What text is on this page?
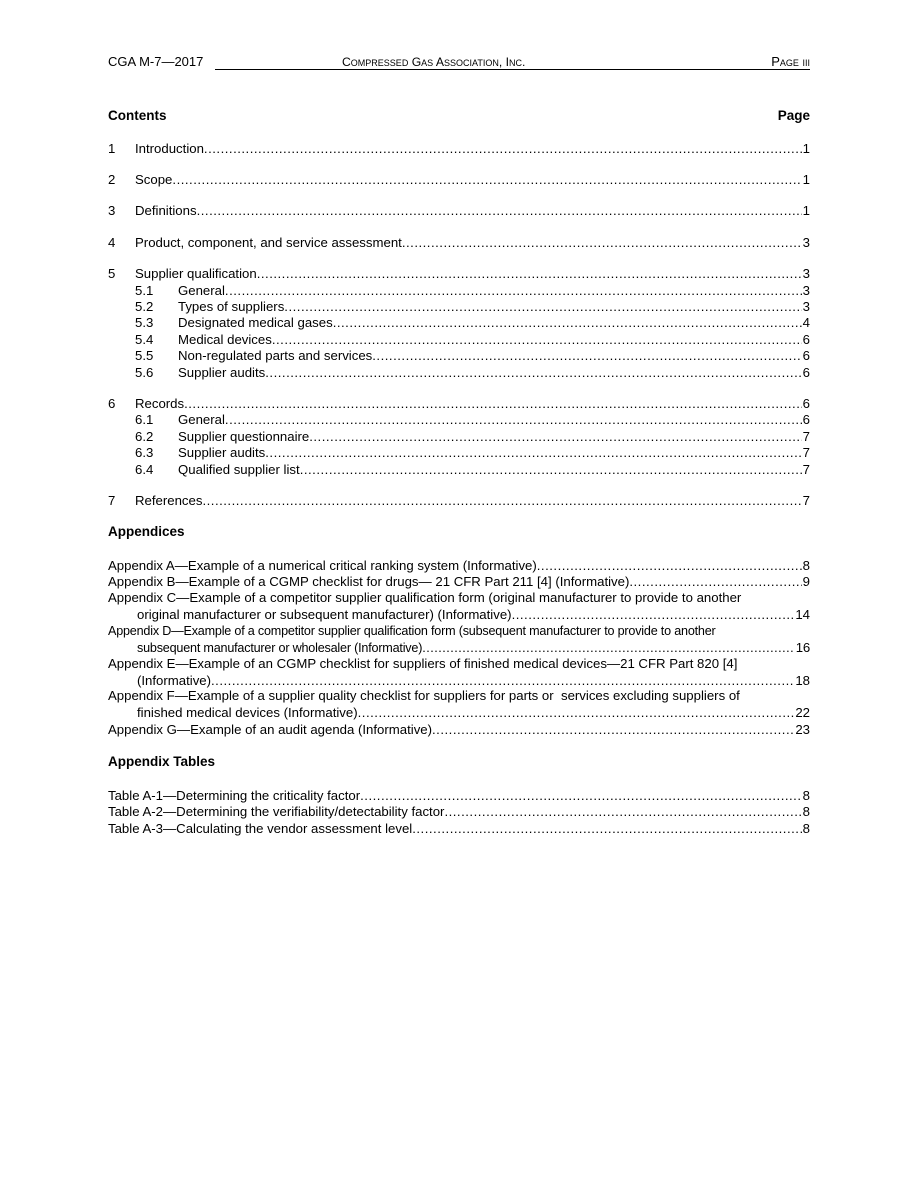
CGA M-7—2017	Compressed Gas Association, Inc.	Page iii
Contents	Page
1 Introduction .....	1
2 Scope .....	1
3 Definitions .....	1
4 Product, component, and service assessment .....	3
5 Supplier qualification .....	3
5.1 General .....	3
5.2 Types of suppliers .....	3
5.3 Designated medical gases .....	4
5.4 Medical devices .....	6
5.5 Non-regulated parts and services .....	6
5.6 Supplier audits .....	6
6 Records .....	6
6.1 General .....	6
6.2 Supplier questionnaire .....	7
6.3 Supplier audits .....	7
6.4 Qualified supplier list .....	7
7 References .....	7
Appendices
Appendix A—Example of a numerical critical ranking system (Informative) .....	8
Appendix B—Example of a CGMP checklist for drugs— 21 CFR Part 211 [4] (Informative) .....	9
Appendix C—Example of a competitor supplier qualification form (original manufacturer to provide to another
original manufacturer or subsequent manufacturer) (Informative) .....	14
Appendix D—Example of a competitor supplier qualification form (subsequent manufacturer to provide to another
subsequent manufacturer or wholesaler (Informative) .....	16
Appendix E—Example of an CGMP checklist for suppliers of finished medical devices—21 CFR Part 820 [4]
(Informative) .....	18
Appendix F—Example of a supplier quality checklist for suppliers for parts or  services excluding suppliers of
finished medical devices (Informative) .....	22
Appendix G—Example of an audit agenda (Informative) .....	23
Appendix Tables
Table A-1—Determining the criticality factor .....	8
Table A-2—Determining the verifiability/detectability factor .....	8
Table A-3—Calculating the vendor assessment level .....	8
